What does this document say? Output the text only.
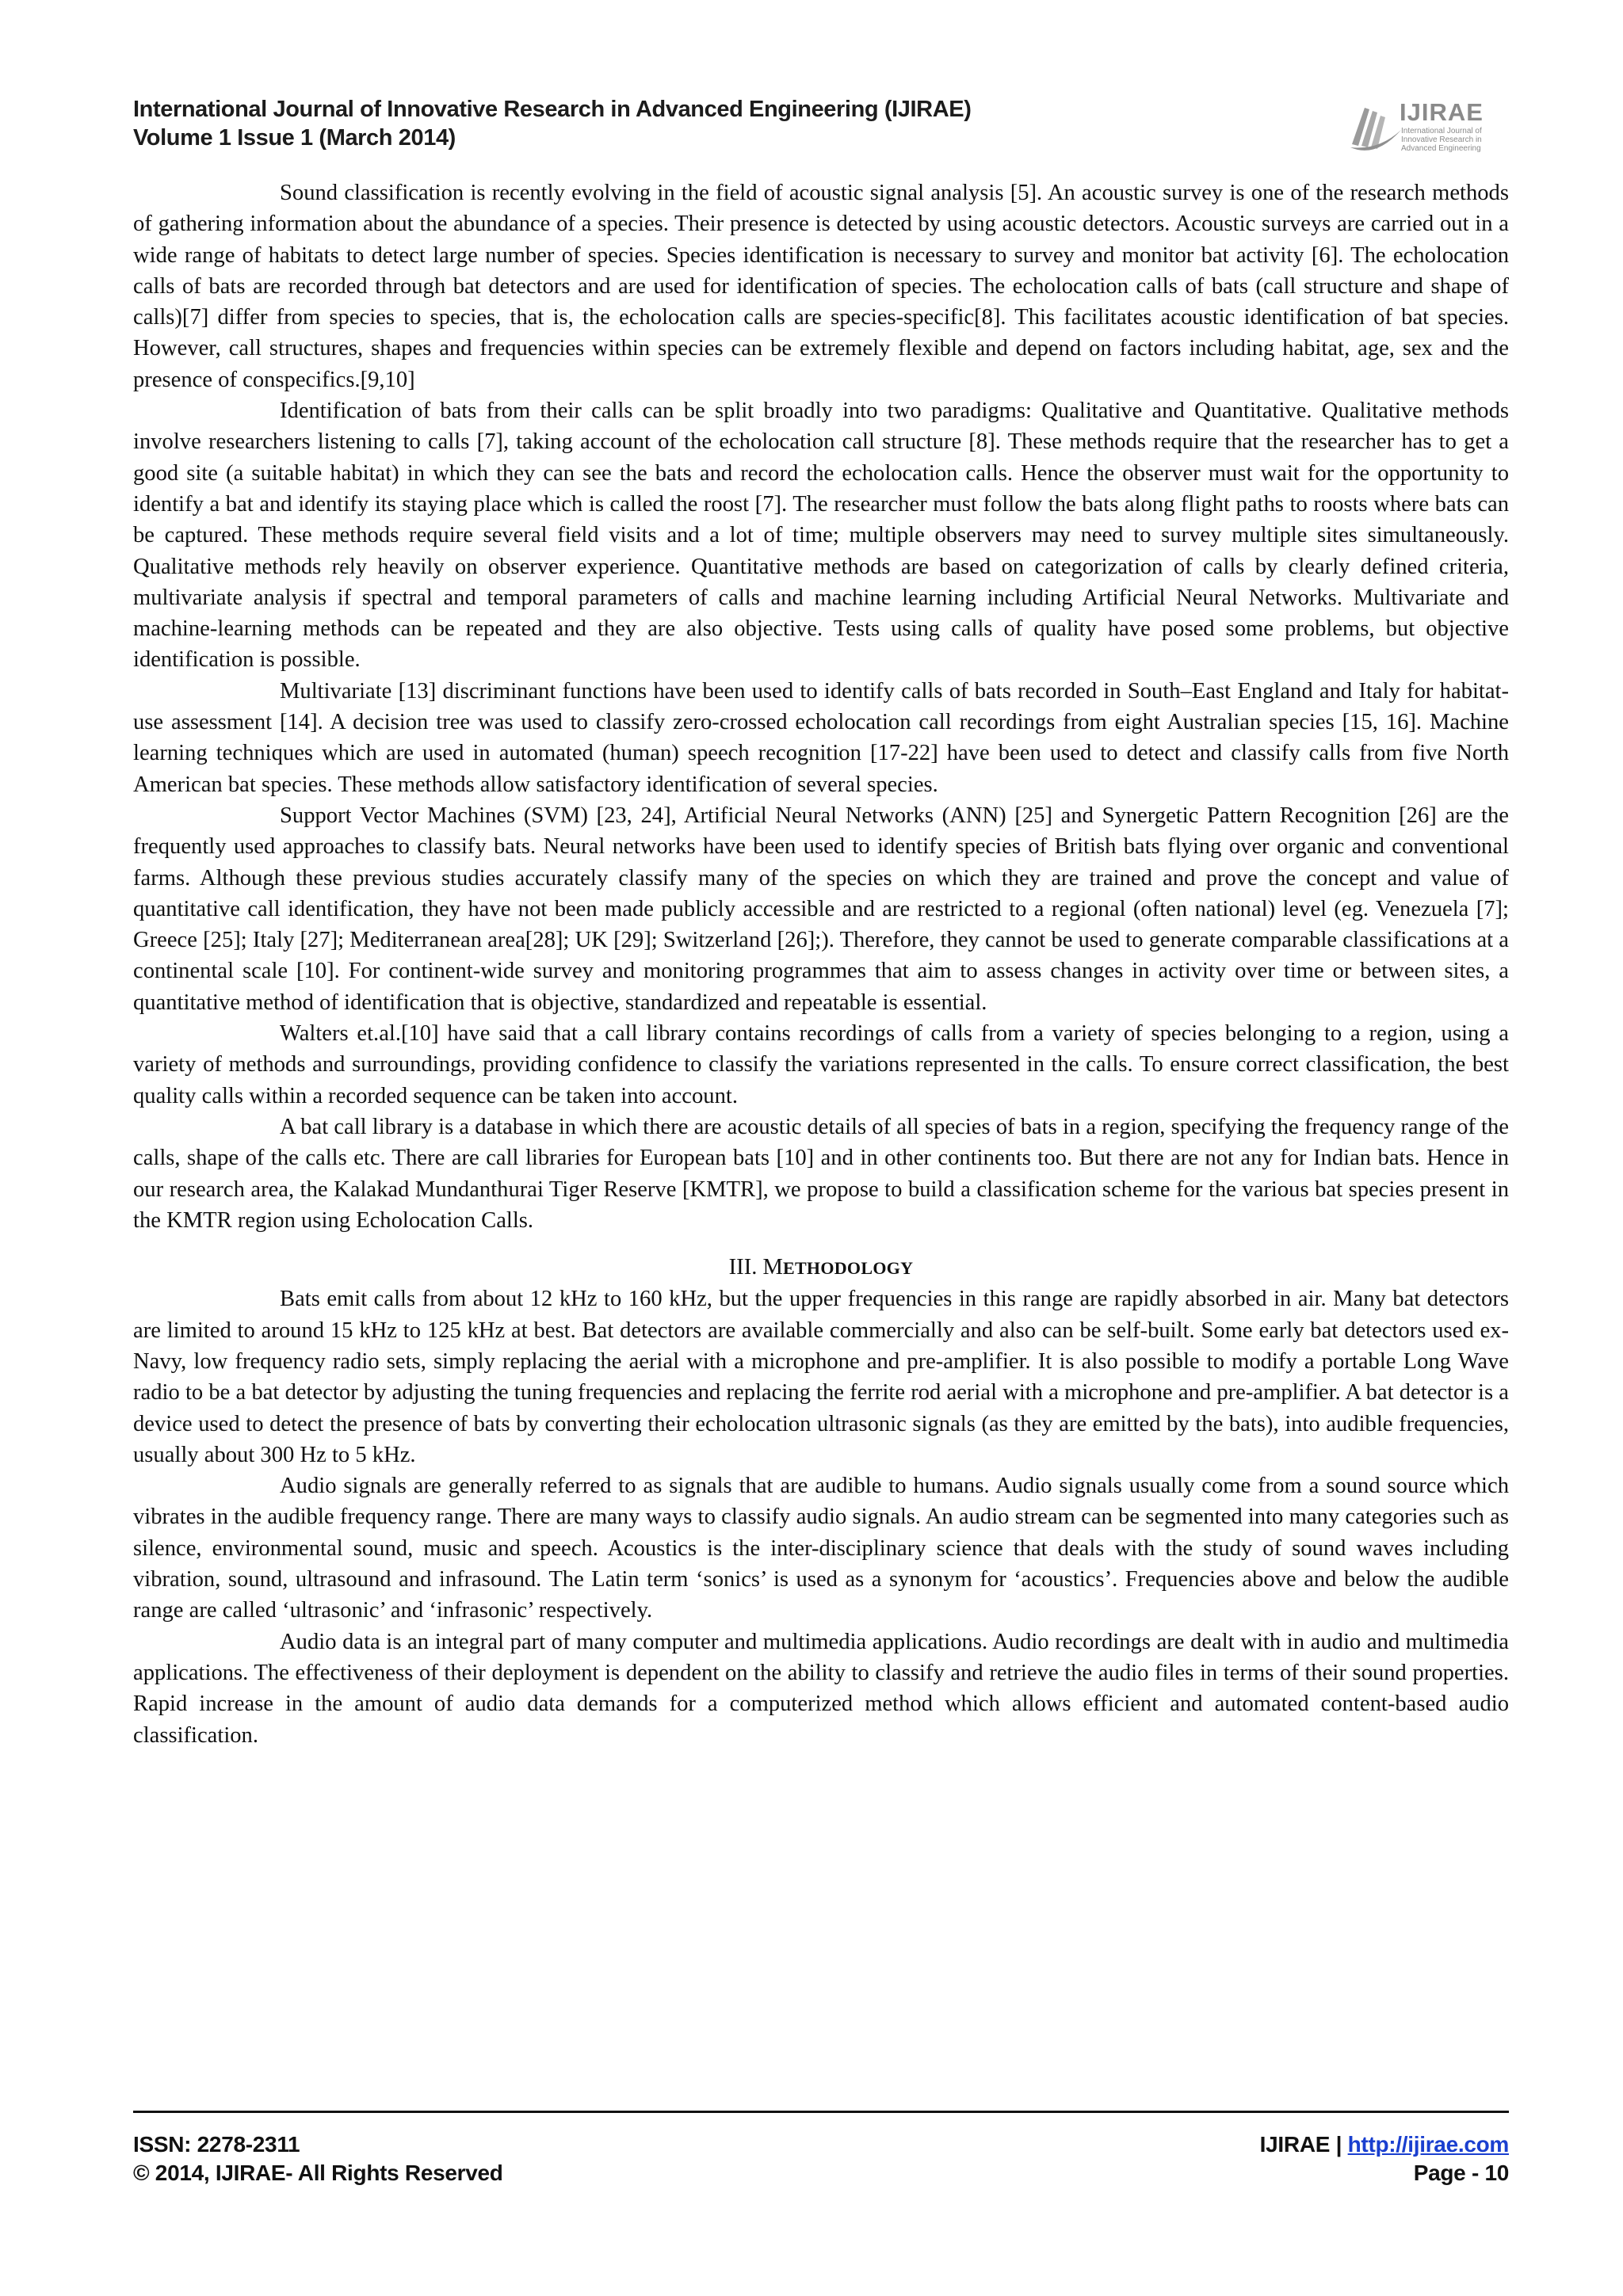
International Journal of Innovative Research in Advanced Engineering (IJIRAE)
Volume 1 Issue 1 (March 2014)
IJIRAE
International Journal of Innovative Research in Advanced Engineering

Sound classification is recently evolving in the field of acoustic signal analysis [5]. An acoustic survey is one of the research methods of gathering information about the abundance of a species. Their presence is detected by using acoustic detectors. Acoustic surveys are carried out in a wide range of habitats to detect large number of species. Species identification is necessary to survey and monitor bat activity [6]. The echolocation calls of bats are recorded through bat detectors and are used for identification of species. The echolocation calls of bats (call structure and shape of calls)[7] differ from species to species, that is, the echolocation calls are species-specific[8]. This facilitates acoustic identification of bat species. However, call structures, shapes and frequencies within species can be extremely flexible and depend on factors including habitat, age, sex and the presence of conspecifics.[9,10]

Identification of bats from their calls can be split broadly into two paradigms: Qualitative and Quantitative. Qualitative methods involve researchers listening to calls [7], taking account of the echolocation call structure [8]. These methods require that the researcher has to get a good site (a suitable habitat) in which they can see the bats and record the echolocation calls. Hence the observer must wait for the opportunity to identify a bat and identify its staying place which is called the roost [7]. The researcher must follow the bats along flight paths to roosts where bats can be captured. These methods require several field visits and a lot of time; multiple observers may need to survey multiple sites simultaneously. Qualitative methods rely heavily on observer experience. Quantitative methods are based on categorization of calls by clearly defined criteria, multivariate analysis if spectral and temporal parameters of calls and machine learning including Artificial Neural Networks. Multivariate and machine-learning methods can be repeated and they are also objective. Tests using calls of quality have posed some problems, but objective identification is possible.

Multivariate [13] discriminant functions have been used to identify calls of bats recorded in South–East England and Italy for habitat-use assessment [14]. A decision tree was used to classify zero-crossed echolocation call recordings from eight Australian species [15, 16]. Machine learning techniques which are used in automated (human) speech recognition [17-22] have been used to detect and classify calls from five North American bat species. These methods allow satisfactory identification of several species.

Support Vector Machines (SVM) [23, 24], Artificial Neural Networks (ANN) [25] and Synergetic Pattern Recognition [26] are the frequently used approaches to classify bats. Neural networks have been used to identify species of British bats flying over organic and conventional farms. Although these previous studies accurately classify many of the species on which they are trained and prove the concept and value of quantitative call identification, they have not been made publicly accessible and are restricted to a regional (often national) level (eg. Venezuela [7]; Greece [25]; Italy [27]; Mediterranean area[28]; UK [29]; Switzerland [26];). Therefore, they cannot be used to generate comparable classifications at a continental scale [10]. For continent-wide survey and monitoring programmes that aim to assess changes in activity over time or between sites, a quantitative method of identification that is objective, standardized and repeatable is essential.

Walters et.al.[10] have said that a call library contains recordings of calls from a variety of species belonging to a region, using a variety of methods and surroundings, providing confidence to classify the variations represented in the calls. To ensure correct classification, the best quality calls within a recorded sequence can be taken into account.

A bat call library is a database in which there are acoustic details of all species of bats in a region, specifying the frequency range of the calls, shape of the calls etc. There are call libraries for European bats [10] and in other continents too. But there are not any for Indian bats. Hence in our research area, the Kalakad Mundanthurai Tiger Reserve [KMTR], we propose to build a classification scheme for the various bat species present in the KMTR region using Echolocation Calls.

III. METHODOLOGY

Bats emit calls from about 12 kHz to 160 kHz, but the upper frequencies in this range are rapidly absorbed in air. Many bat detectors are limited to around 15 kHz to 125 kHz at best. Bat detectors are available commercially and also can be self-built. Some early bat detectors used ex-Navy, low frequency radio sets, simply replacing the aerial with a microphone and pre-amplifier. It is also possible to modify a portable Long Wave radio to be a bat detector by adjusting the tuning frequencies and replacing the ferrite rod aerial with a microphone and pre-amplifier. A bat detector is a device used to detect the presence of bats by converting their echolocation ultrasonic signals (as they are emitted by the bats), into audible frequencies, usually about 300 Hz to 5 kHz.

Audio signals are generally referred to as signals that are audible to humans. Audio signals usually come from a sound source which vibrates in the audible frequency range. There are many ways to classify audio signals. An audio stream can be segmented into many categories such as silence, environmental sound, music and speech. Acoustics is the inter-disciplinary science that deals with the study of sound waves including vibration, sound, ultrasound and infrasound. The Latin term ‘sonics’ is used as a synonym for ‘acoustics’. Frequencies above and below the audible range are called ‘ultrasonic’ and ‘infrasonic’ respectively.

Audio data is an integral part of many computer and multimedia applications. Audio recordings are dealt with in audio and multimedia applications. The effectiveness of their deployment is dependent on the ability to classify and retrieve the audio files in terms of their sound properties. Rapid increase in the amount of audio data demands for a computerized method which allows efficient and automated content-based audio classification.

ISSN: 2278-2311
© 2014, IJIRAE- All Rights Reserved
IJIRAE | http://ijirae.com
Page - 10
